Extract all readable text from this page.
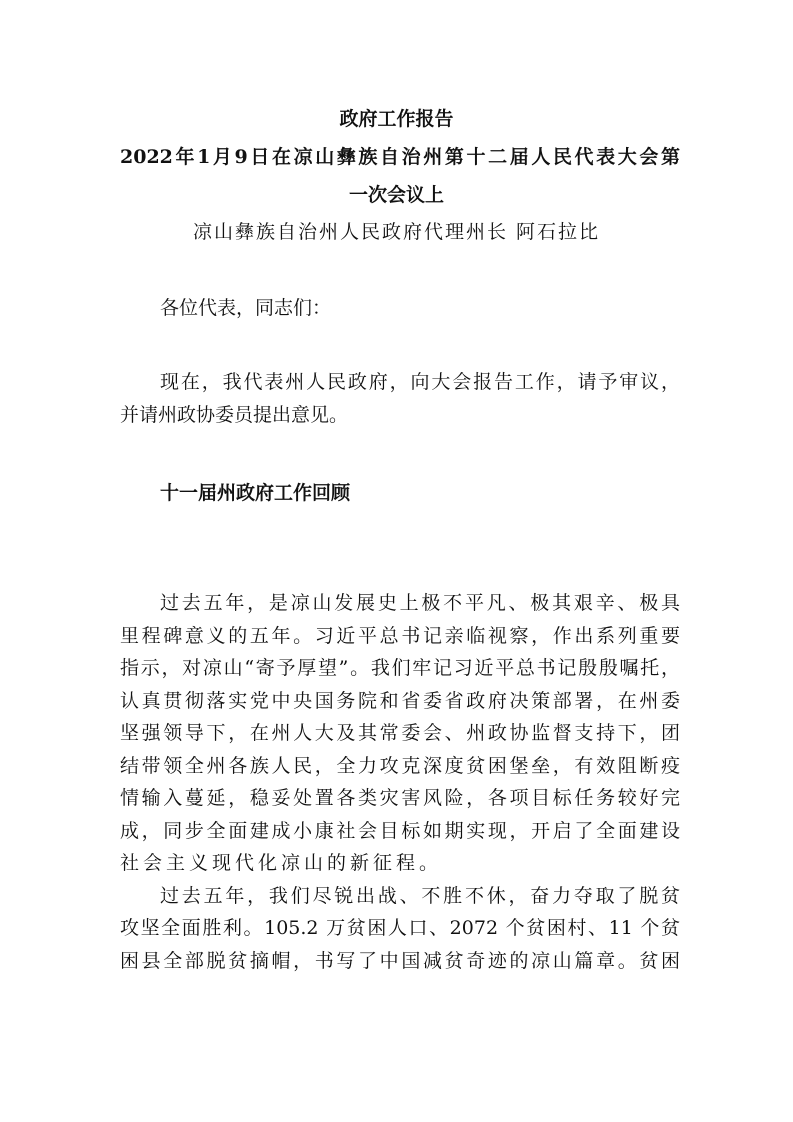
政府工作报告
2022年1月9日在凉山彝族自治州第十二届人民代表大会第
一次会议上
凉山彝族自治州人民政府代理州长 阿石拉比
各位代表，同志们：
现在，我代表州人民政府，向大会报告工作，请予审议，
并请州政协委员提出意见。
十一届州政府工作回顾
过去五年，是凉山发展史上极不平凡、极其艰辛、极具
里程碑意义的五年。习近平总书记亲临视察，作出系列重要
指示，对凉山“寄予厚望”。我们牢记习近平总书记殷殷嘱托，
认真贯彻落实党中央国务院和省委省政府决策部署，在州委
坚强领导下，在州人大及其常委会、州政协监督支持下，团
结带领全州各族人民，全力攻克深度贫困堡垒，有效阻断疫
情输入蔓延，稳妥处置各类灾害风险，各项目标任务较好完
成，同步全面建成小康社会目标如期实现，开启了全面建设
社会主义现代化凉山的新征程。
过去五年，我们尽锐出战、不胜不休，奋力夺取了脱贫
攻坚全面胜利。105.2 万贫困人口、2072 个贫困村、11 个贫
困县全部脱贫摘帽，书写了中国减贫奇迹的凉山篇章。贫困
